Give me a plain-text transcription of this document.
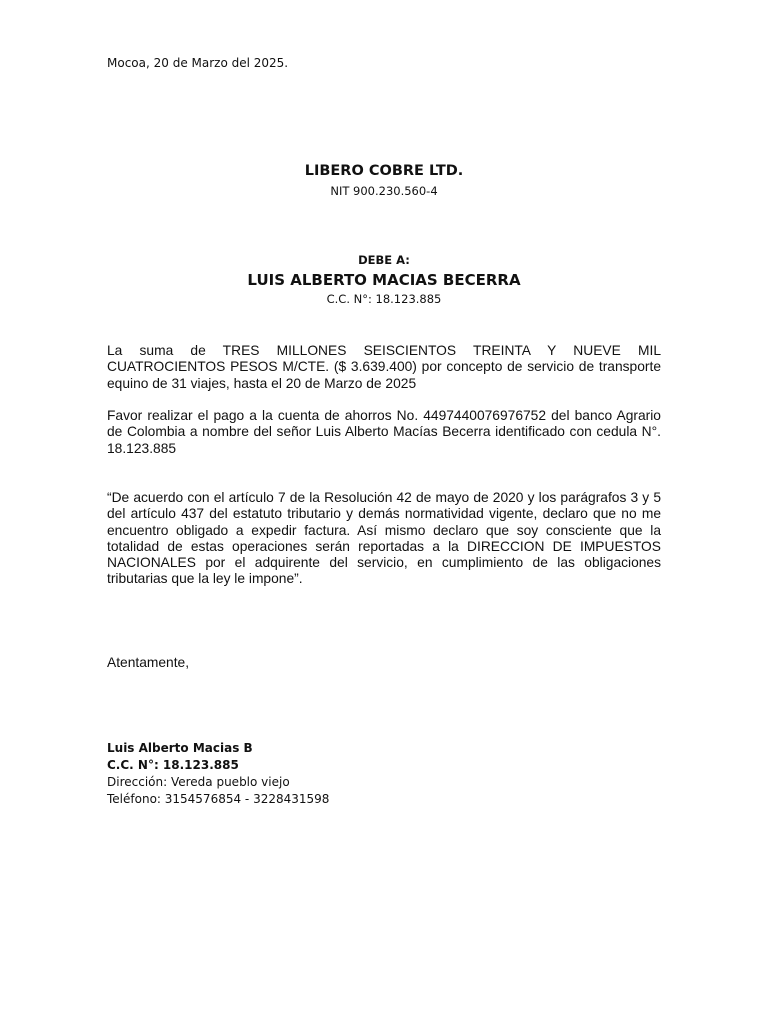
Mocoa, 20 de Marzo del 2025.
LIBERO COBRE LTD.
NIT 900.230.560-4
DEBE A:
LUIS ALBERTO MACIAS BECERRA
C.C. N°: 18.123.885

La suma de TRES MILLONES SEISCIENTOS TREINTA Y NUEVE MIL CUATROCIENTOS PESOS M/CTE. ($ 3.639.400) por concepto de servicio de transporte equino de 31 viajes, hasta el 20 de Marzo de 2025

Favor realizar el pago a la cuenta de ahorros No. 4497440076976752 del banco Agrario de Colombia a nombre del señor Luis Alberto Macías Becerra identificado con cedula N°. 18.123.885

“De acuerdo con el artículo 7 de la Resolución 42 de mayo de 2020 y los parágrafos 3 y 5 del artículo 437 del estatuto tributario y demás normatividad vigente, declaro que no me encuentro obligado a expedir factura. Así mismo declaro que soy consciente que la totalidad de estas operaciones serán reportadas a la DIRECCION DE IMPUESTOS NACIONALES por el adquirente del servicio, en cumplimiento de las obligaciones tributarias que la ley le impone”.

Atentamente,
Luis Alberto Macias B
C.C. N°: 18.123.885
Dirección: Vereda pueblo viejo
Teléfono: 3154576854 - 3228431598
